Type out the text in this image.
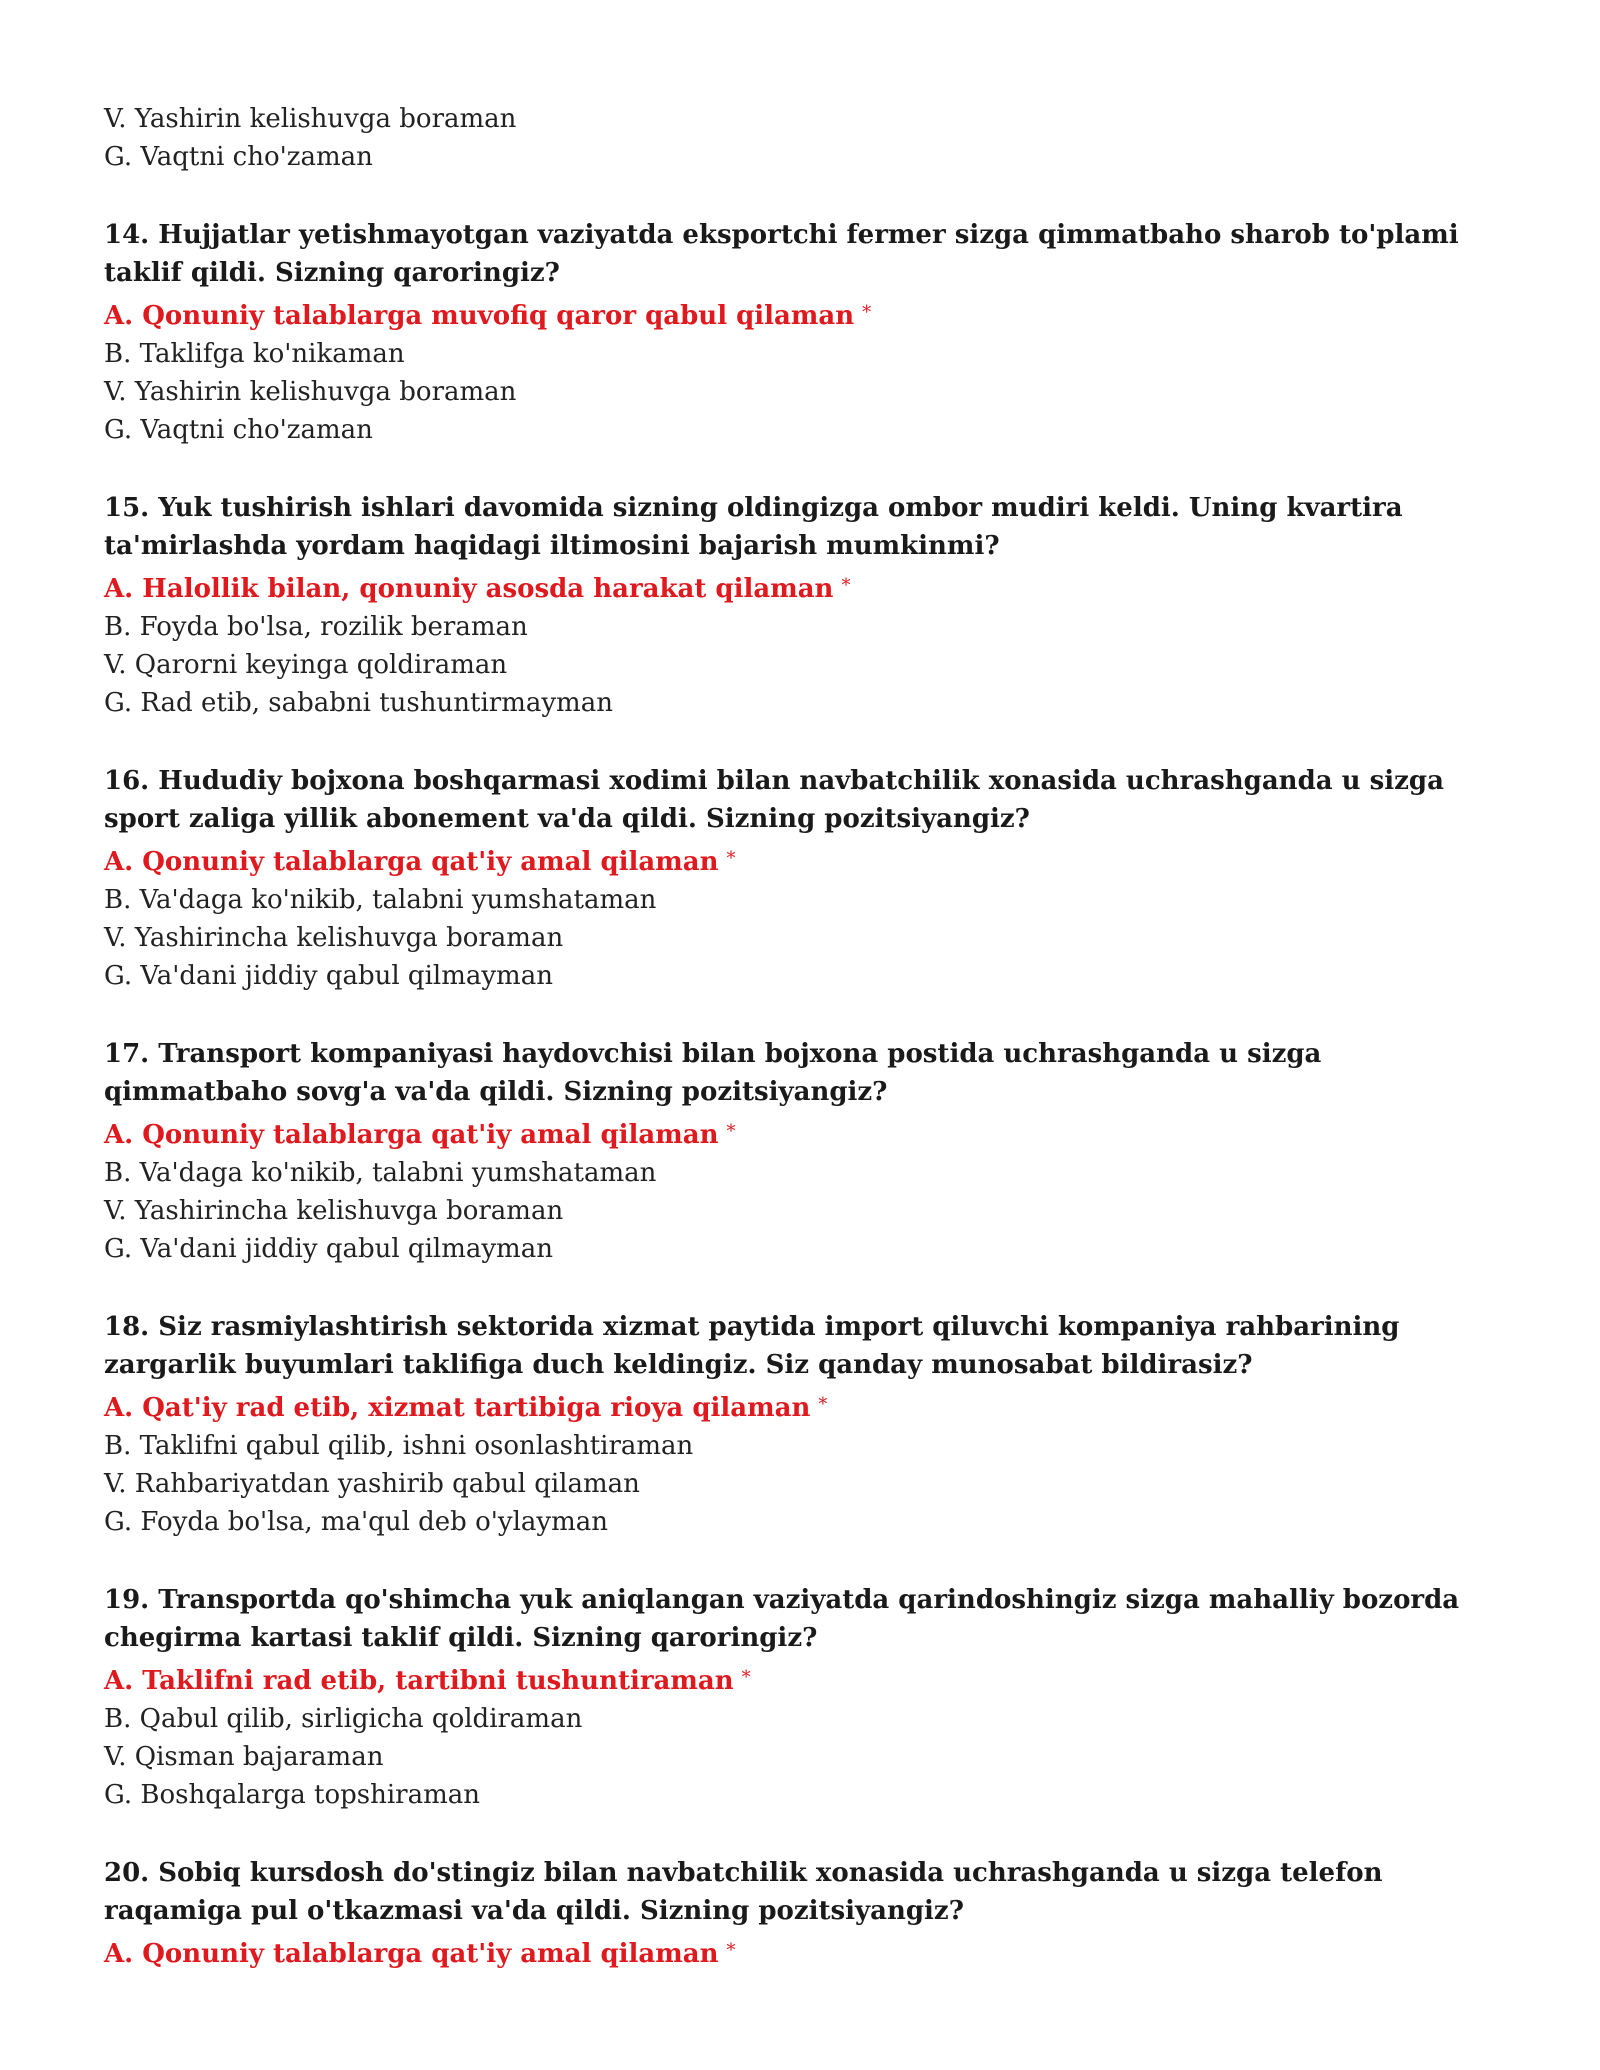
V. Yashirin kelishuvga boraman
G. Vaqtni cho'zaman
14. Hujjatlar yetishmayotgan vaziyatda eksportchi fermer sizga qimmatbaho sharob to'plami taklif qildi. Sizning qaroringiz?
A. Qonuniy talablarga muvofiq qaror qabul qilaman *
B. Taklifga ko'nikaman
V. Yashirin kelishuvga boraman
G. Vaqtni cho'zaman
15. Yuk tushirish ishlari davomida sizning oldingizga ombor mudiri keldi. Uning kvartira ta'mirlashda yordam haqidagi iltimosini bajarish mumkinmi?
A. Halollik bilan, qonuniy asosda harakat qilaman *
B. Foyda bo'lsa, rozilik beraman
V. Qarorni keyinga qoldiraman
G. Rad etib, sababni tushuntirmayman
16. Hududiy bojxona boshqarmasi xodimi bilan navbatchilik xonasida uchrashganda u sizga sport zaliga yillik abonement va'da qildi. Sizning pozitsiyangiz?
A. Qonuniy talablarga qat'iy amal qilaman *
B. Va'daga ko'nikib, talabni yumshataman
V. Yashirincha kelishuvga boraman
G. Va'dani jiddiy qabul qilmayman
17. Transport kompaniyasi haydovchisi bilan bojxona postida uchrashganda u sizga qimmatbaho sovg'a va'da qildi. Sizning pozitsiyangiz?
A. Qonuniy talablarga qat'iy amal qilaman *
B. Va'daga ko'nikib, talabni yumshataman
V. Yashirincha kelishuvga boraman
G. Va'dani jiddiy qabul qilmayman
18. Siz rasmiylashtirish sektorida xizmat paytida import qiluvchi kompaniya rahbarining zargarlik buyumlari taklifiga duch keldingiz. Siz qanday munosabat bildirasiz?
A. Qat'iy rad etib, xizmat tartibiga rioya qilaman *
B. Taklifni qabul qilib, ishni osonlashtiraman
V. Rahbariyatdan yashirib qabul qilaman
G. Foyda bo'lsa, ma'qul deb o'ylayman
19. Transportda qo'shimcha yuk aniqlangan vaziyatda qarindoshingiz sizga mahalliy bozorda chegirma kartasi taklif qildi. Sizning qaroringiz?
A. Taklifni rad etib, tartibni tushuntiraman *
B. Qabul qilib, sirligicha qoldiraman
V. Qisman bajaraman
G. Boshqalarga topshiraman
20. Sobiq kursdosh do'stingiz bilan navbatchilik xonasida uchrashganda u sizga telefon raqamiga pul o'tkazmasi va'da qildi. Sizning pozitsiyangiz?
A. Qonuniy talablarga qat'iy amal qilaman *
